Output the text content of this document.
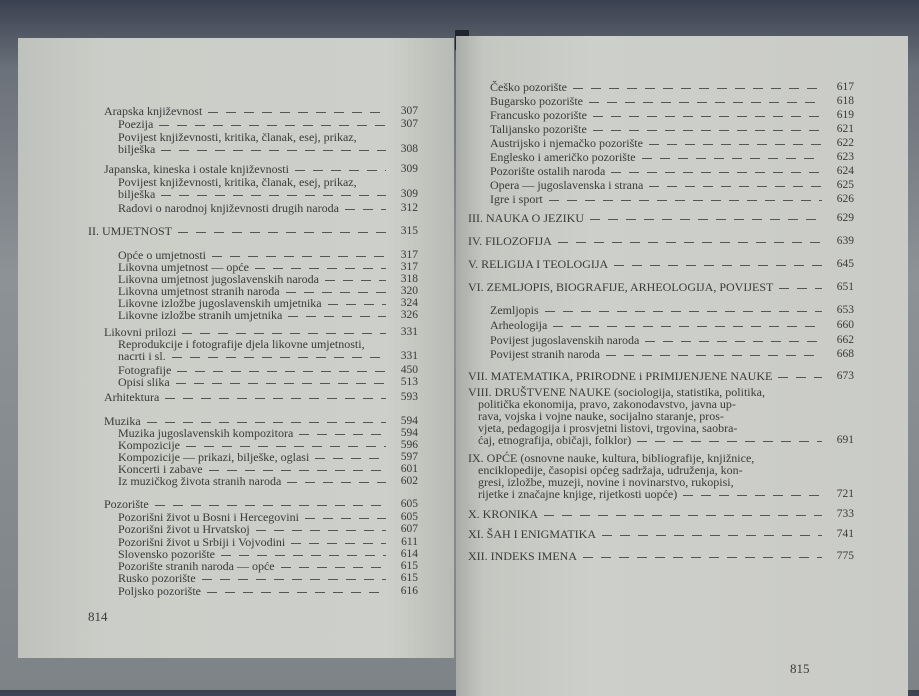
814
Arapska književnost	307
Poezija	307
Povijest književnosti, kritika, članak, esej, prikaz,
bilješka	308
Japanska, kineska i ostale književnosti	309
Povijest književnosti, kritika, članak, esej, prikaz,
bilješka	309
Radovi o narodnoj književnosti drugih naroda	312
II. UMJETNOST	315
Opće o umjetnosti	317
Likovna umjetnost — opće	317
Likovna umjetnost jugoslavenskih naroda	318
Likovna umjetnost stranih naroda	320
Likovne izložbe jugoslavenskih umjetnika	324
Likovne izložbe stranih umjetnika	326
Likovni prilozi	331
Reprodukcije i fotografije djela likovne umjetnosti,
nacrti i sl.	331
Fotografije	450
Opisi slika	513
Arhitektura	593
Muzika	594
Muzika jugoslavenskih kompozitora	594
Kompozicije	596
Kompozicije — prikazi, bilješke, oglasi	597
Koncerti i zabave	601
Iz muzičkog života stranih naroda	602
Pozorište	605
Pozorišni život u Bosni i Hercegovini	605
Pozorišni život u Hrvatskoj	607
Pozorišni život u Srbiji i Vojvodini	611
Slovensko pozorište	614
Pozorište stranih naroda — opće	615
Rusko pozorište	615
Poljsko pozorište	616
815
Češko pozorište	617
Bugarsko pozorište	618
Francusko pozorište	619
Talijansko pozorište	621
Austrijsko i njemačko pozorište	622
Englesko i američko pozorište	623
Pozorište ostalih naroda	624
Opera — jugoslavenska i strana	625
Igre i sport	626
III. NAUKA O JEZIKU	629
IV. FILOZOFIJA	639
V. RELIGIJA I TEOLOGIJA	645
VI. ZEMLJOPIS, BIOGRAFIJE, ARHEOLOGIJA, POVIJEST	651
Zemljopis	653
Arheologija	660
Povijest jugoslavenskih naroda	662
Povijest stranih naroda	668
VII. MATEMATIKA, PRIRODNE i PRIMIJENJENE NAUKE	673
VIII. DRUŠTVENE NAUKE (sociologija, statistika, politika,
politička ekonomija, pravo, zakonodavstvo, javna up-
rava, vojska i vojne nauke, socijalno staranje, pros-
vjeta, pedagogija i prosvjetni listovi, trgovina, saobra-
ćaj, etnografija, običaji, folklor)	691
IX. OPĆE (osnovne nauke, kultura, bibliografije, knjižnice,
enciklopedije, časopisi općeg sadržaja, udruženja, kon-
gresi, izložbe, muzeji, novine i novinarstvo, rukopisi,
rijetke i značajne knjige, rijetkosti uopće)	721
X. KRONIKA	733
XI. ŠAH I ENIGMATIKA	741
XII. INDEKS IMENA	775
